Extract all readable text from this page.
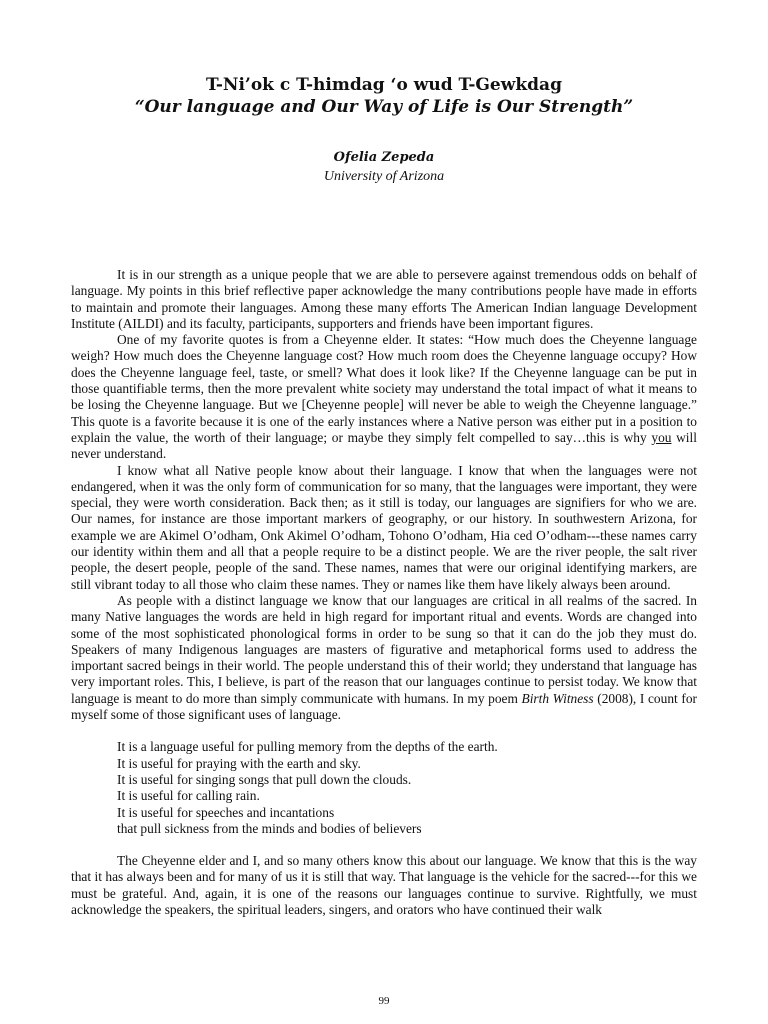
T-Ni’ok c T-himdag ‘o wud T-Gewkdag
“Our language and Our Way of Life is Our Strength”
Ofelia Zepeda
University of Arizona

It is in our strength as a unique people that we are able to persevere against tremendous odds on behalf of language. My points in this brief reflective paper acknowledge the many contributions people have made in efforts to maintain and promote their languages. Among these many efforts The American Indian language Development Institute (AILDI) and its faculty, participants, supporters and friends have been important figures.

One of my favorite quotes is from a Cheyenne elder. It states: “How much does the Cheyenne language weigh? How much does the Cheyenne language cost? How much room does the Cheyenne language occupy? How does the Cheyenne language feel, taste, or smell? What does it look like? If the Cheyenne language can be put in those quantifiable terms, then the more prevalent white society may understand the total impact of what it means to be losing the Cheyenne language. But we [Cheyenne people] will never be able to weigh the Cheyenne language.” This quote is a favorite because it is one of the early instances where a Native person was either put in a position to explain the value, the worth of their language; or maybe they simply felt compelled to say…this is why you will never understand.

I know what all Native people know about their language. I know that when the languages were not endangered, when it was the only form of communication for so many, that the languages were important, they were special, they were worth consideration. Back then; as it still is today, our languages are signifiers for who we are. Our names, for instance are those important markers of geography, or our history. In southwestern Arizona, for example we are Akimel O’odham, Onk Akimel O’odham, Tohono O’odham, Hia ced O’odham---these names carry our identity within them and all that a people require to be a distinct people. We are the river people, the salt river people, the desert people, people of the sand. These names, names that were our original identifying markers, are still vibrant today to all those who claim these names. They or names like them have likely always been around.

As people with a distinct language we know that our languages are critical in all realms of the sacred. In many Native languages the words are held in high regard for important ritual and events. Words are changed into some of the most sophisticated phonological forms in order to be sung so that it can do the job they must do. Speakers of many Indigenous languages are masters of figurative and metaphorical forms used to address the important sacred beings in their world. The people understand this of their world; they understand that language has very important roles. This, I believe, is part of the reason that our languages continue to persist today. We know that language is meant to do more than simply communicate with humans. In my poem Birth Witness (2008), I count for myself some of those significant uses of language.

It is a language useful for pulling memory from the depths of the earth.
It is useful for praying with the earth and sky.
It is useful for singing songs that pull down the clouds.
It is useful for calling rain.
It is useful for speeches and incantations
that pull sickness from the minds and bodies of believers

The Cheyenne elder and I, and so many others know this about our language. We know that this is the way that it has always been and for many of us it is still that way. That language is the vehicle for the sacred---for this we must be grateful. And, again, it is one of the reasons our languages continue to survive. Rightfully, we must acknowledge the speakers, the spiritual leaders, singers, and orators who have continued their walk

99
